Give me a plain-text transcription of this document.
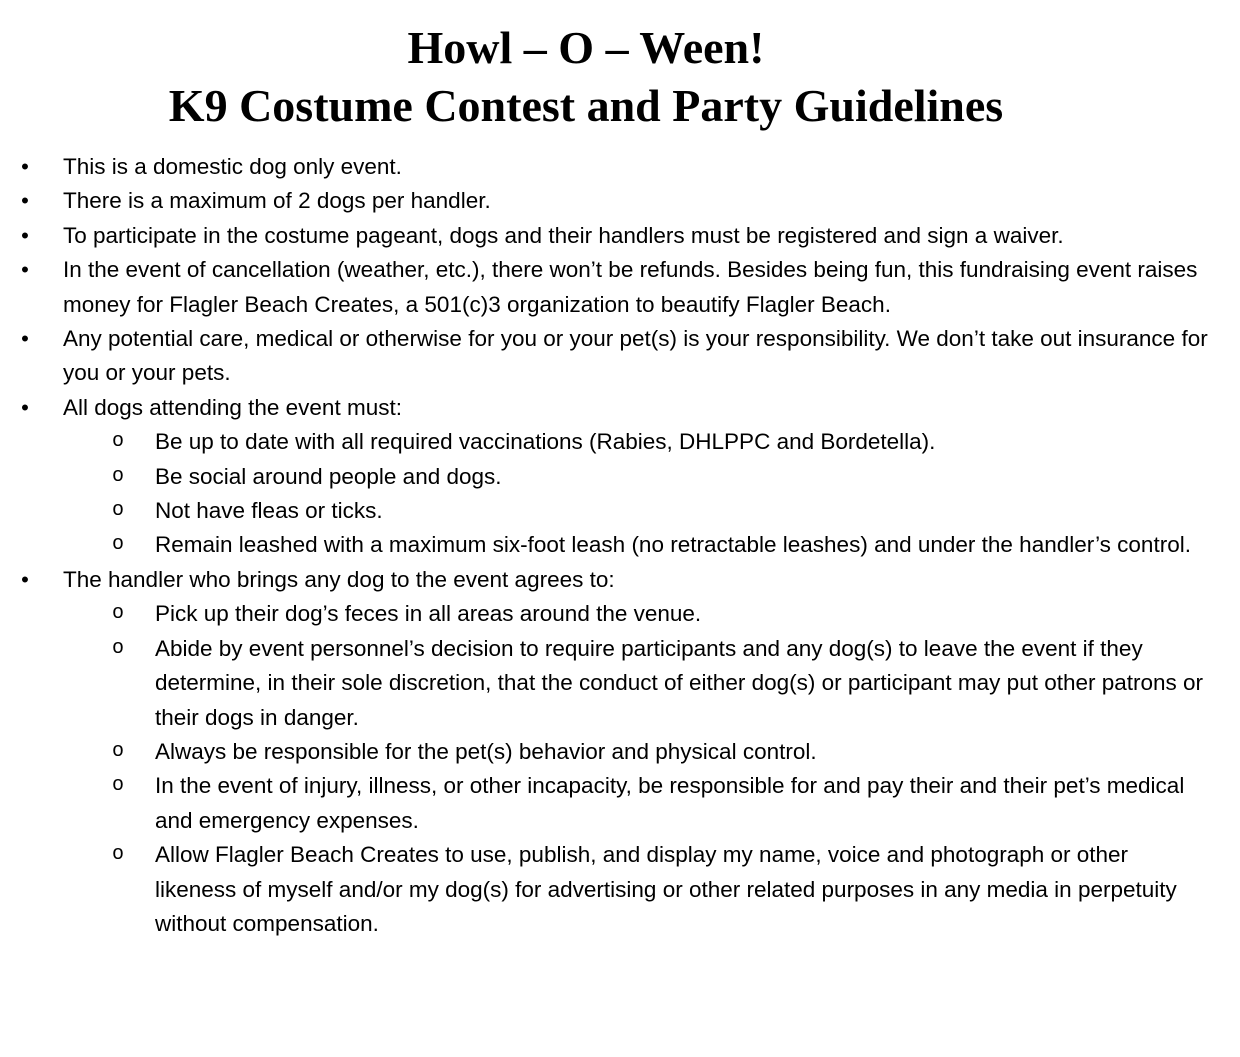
Howl – O – Ween!
K9 Costume Contest and Party Guidelines
• This is a domestic dog only event.
• There is a maximum of 2 dogs per handler.
• To participate in the costume pageant, dogs and their handlers must be registered and sign a waiver.
• In the event of cancellation (weather, etc.), there won’t be refunds. Besides being fun, this fundraising event raises money for Flagler Beach Creates, a 501(c)3 organization to beautify Flagler Beach.
• Any potential care, medical or otherwise for you or your pet(s) is your responsibility. We don’t take out insurance for you or your pets.
• All dogs attending the event must:
o Be up to date with all required vaccinations (Rabies, DHLPPC and Bordetella).
o Be social around people and dogs.
o Not have fleas or ticks.
o Remain leashed with a maximum six-foot leash (no retractable leashes) and under the handler’s control.
• The handler who brings any dog to the event agrees to:
o Pick up their dog’s feces in all areas around the venue.
o Abide by event personnel’s decision to require participants and any dog(s) to leave the event if they determine, in their sole discretion, that the conduct of either dog(s) or participant may put other patrons or their dogs in danger.
o Always be responsible for the pet(s) behavior and physical control.
o In the event of injury, illness, or other incapacity, be responsible for and pay their and their pet’s medical and emergency expenses.
o Allow Flagler Beach Creates to use, publish, and display my name, voice and photograph or other likeness of myself and/or my dog(s) for advertising or other related purposes in any media in perpetuity without compensation.
